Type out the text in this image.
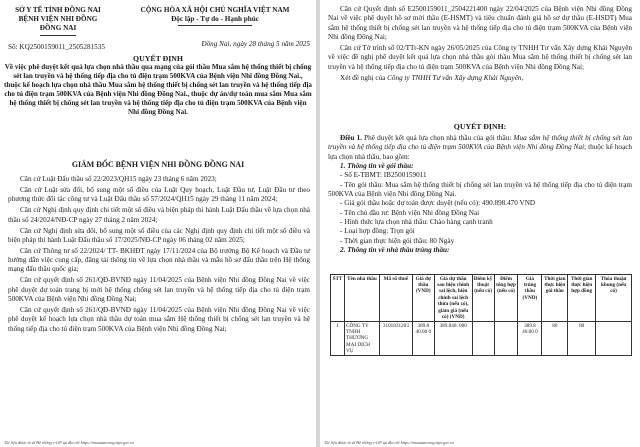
SỞ Y TẾ TỈNH ĐỒNG NAI
BỆNH VIỆN NHI ĐỒNG
ĐỒNG NAI
CỘNG HÒA XÃ HỘI CHỦ NGHĨA VIỆT NAM
Độc lập - Tự do - Hạnh phúc
Số: KQ2500159011_2505281535	Đồng Nai, ngày 28 tháng 5 năm 2025
QUYẾT ĐỊNH
Về việc phê duyệt kết quả lựa chọn nhà thầu qua mạng của gói thầu Mua sắm hệ thống thiết bị chống sét lan truyền và hệ thống tiếp địa cho tủ điện trạm 500KVA của Bệnh viện Nhi đồng Đồng Nai., thuộc kế hoạch lựa chọn nhà thầu Mua sắm hệ thống thiết bị chống sét lan truyền và hệ thống tiếp địa cho tủ điện trạm 500KVA của Bệnh viện Nhi đồng Đồng Nai., thuộc dự án/dự toán mua sắm Mua sắm hệ thống thiết bị chống sét lan truyền và hệ thống tiếp địa cho tủ điện trạm 500KVA của Bệnh viện Nhi đồng Đồng Nai.
GIÁM ĐỐC BỆNH VIỆN NHI ĐỒNG ĐỒNG NAI
Căn cứ Luật Đấu thầu số 22/2023/QH15 ngày 23 tháng 6 năm 2023;
Căn cứ Luật sửa đổi, bổ sung một số điều của Luật Quy hoạch, Luật Đầu tư, Luật Đầu tư theo phương thức đối tác công tư và Luật Đấu thầu số 57/2024/QH15 ngày 29 tháng 11 năm 2024;
Căn cứ Nghị định quy định chi tiết một số điều và biện pháp thi hành Luật Đấu thầu về lựa chọn nhà thầu số 24/2024/NĐ-CP ngày 27 tháng 2 năm 2024;
Căn cứ Nghị định sửa đổi, bổ sung một số điều của các Nghị định quy định chi tiết một số điều và biện pháp thi hành Luật Đấu thầu số 17/2025/NĐ-CP ngày 06 tháng 02 năm 2025;
Căn cứ Thông tư số 22/2024/ TT- BKHĐT ngày 17/11/2024 của Bộ trưởng Bộ Kế hoạch và Đầu tư hướng dẫn việc cung cấp, đăng tải thông tin về lựa chọn nhà thầu và mẫu hồ sơ đấu thầu trên Hệ thống mạng đấu thầu quốc gia;
Căn cứ quyết định số 261/QĐ-BVNĐ ngày 11/04/2025 của Bệnh viện Nhi đồng Đồng Nai về việc phê duyệt dự toán trang bị mới hệ thống chống sét lan truyền và hệ thống tiếp địa cho tủ điện trạm 500KVA của Bệnh viện Nhi đồng Đồng Nai;
Căn cứ quyết định số 261/QĐ-BVNĐ ngày 11/04/2025 của Bệnh viện Nhi đồng Đồng Nai về việc phê duyệt kế hoạch lựa chọn nhà thầu dự toán mua sắm Hệ thống thiết bị chống sét lan truyền và hệ thống tiếp địa cho tủ điện trạm 500KVA của Bệnh viện Nhi đồng Đồng Nai;
Tài liệu được in từ Hệ thống e-GP tại địa chỉ https://muasamcong.mpi.gov.vn
Căn cứ Quyết định số E2500159011_2504221400 ngày 22/04/2025 của Bệnh viện Nhi đồng Đồng Nai về việc phê duyệt hồ sơ mời thầu (E-HSMT) và tiêu chuẩn đánh giá hồ sơ dự thầu (E-HSDT) Mua sắm hệ thống thiết bị chống sét lan truyền và hệ thống tiếp địa cho tủ điện trạm 500KVA của Bệnh viện Nhi đồng Đồng Nai;
Căn cứ Tờ trình số 02/TTr-KN ngày 26/05/2025 của Công ty TNHH Tư vấn Xây dựng Khải Nguyên về việc đề nghị phê duyệt kết quả lựa chọn nhà thầu gói thầu Mua sắm hệ thống thiết bị chống sét lan truyền và hệ thống tiếp địa cho tủ điện trạm 500KVA của Bệnh viện Nhi đồng Đồng Nai;
Xét đề nghị của Công ty TNHH Tư vấn Xây dựng Khải Nguyên,
QUYẾT ĐỊNH:
Điều 1. Phê duyệt kết quả lựa chọn nhà thầu của gói thầu: Mua sắm hệ thống thiết bị chống sét lan truyền và hệ thống tiếp địa cho tủ điện trạm 500KVA của Bệnh viện Nhi đồng Đồng Nai; thuộc kế hoạch lựa chọn nhà thầu, bao gồm:
1. Thông tin về gói thầu:
- Số E-TBMT: IB2500159011
- Tên gói thầu: Mua sắm hệ thống thiết bị chống sét lan truyền và hệ thống tiếp địa cho tủ điện trạm 500KVA của Bệnh viện Nhi đồng Đồng Nai.
- Giá gói thầu hoặc dự toán được duyệt (nếu có): 490.898.470 VND
- Tên chủ đầu tư: Bệnh viện Nhi đồng Đồng Nai
- Hình thức lựa chọn nhà thầu: Chào hàng cạnh tranh
- Loại hợp đồng: Trọn gói
- Thời gian thực hiện gói thầu: 80 Ngày
2. Thông tin về nhà thầu trúng thầu:
STT	Tên nhà thầu	Mã số thuế	Giá dự thầu (VND)	Giá dự thầu sau hiệu chỉnh sai lệch, hiệu chỉnh sai lệch thừa (nếu có), giảm giá (nếu có) (VND)	Điểm kỹ thuật (nếu có)	Điểm tổng hợp (nếu có)	Giá trúng thầu (VND)	Thời gian thực hiện gói thầu	Thời gian thực hiện hợp đồng	Thỏa thuận khung (nếu có)
1	CÔNG TY TNHH THƯƠNG MẠI DỊCH VỤ	3101831203	389.8 40.00 0	389.840. 000			389.8 40.00 0	80	80	
Tài liệu được in từ Hệ thống e-GP tại địa chỉ https://muasamcong.mpi.gov.vn
